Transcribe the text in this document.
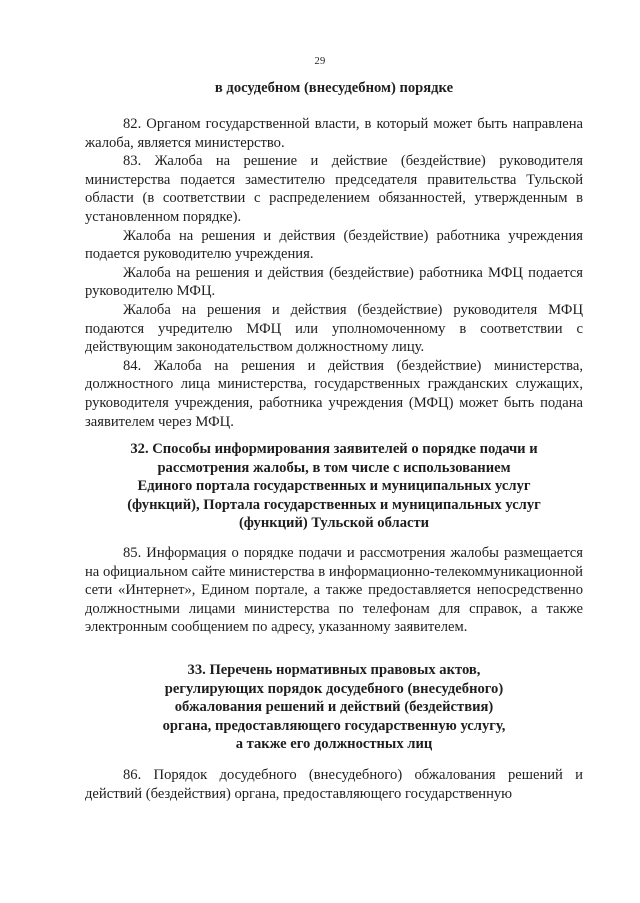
29
в досудебном (внесудебном) порядке

82. Органом государственной власти, в который может быть направлена жалоба, является министерство.

83. Жалоба на решение и действие (бездействие) руководителя министерства подается заместителю председателя правительства Тульской области (в соответствии с распределением обязанностей, утвержденным в установленном порядке).

Жалоба на решения и действия (бездействие) работника учреждения подается руководителю учреждения.

Жалоба на решения и действия (бездействие) работника МФЦ подается руководителю МФЦ.

Жалоба на решения и действия (бездействие) руководителя МФЦ подаются учредителю МФЦ или уполномоченному в соответствии с действующим законодательством должностному лицу.

84. Жалоба на решения и действия (бездействие) министерства, должностного лица министерства, государственных гражданских служащих, руководителя учреждения, работника учреждения (МФЦ) может быть подана заявителем через МФЦ.

32. Способы информирования заявителей о порядке подачи и
рассмотрения жалобы, в том числе с использованием
Единого портала государственных и муниципальных услуг
(функций), Портала государственных и муниципальных услуг
(функций) Тульской области

85. Информация о порядке подачи и рассмотрения жалобы размещается на официальном сайте министерства в информационно-телекоммуникационной сети «Интернет», Едином портале, а также предоставляется непосредственно должностными лицами министерства по телефонам для справок, а также электронным сообщением по адресу, указанному заявителем.

33. Перечень нормативных правовых актов,
регулирующих порядок досудебного (внесудебного)
обжалования решений и действий (бездействия)
органа, предоставляющего государственную услугу,
а также его должностных лиц

86. Порядок досудебного (внесудебного) обжалования решений и действий (бездействия) органа, предоставляющего государственную
